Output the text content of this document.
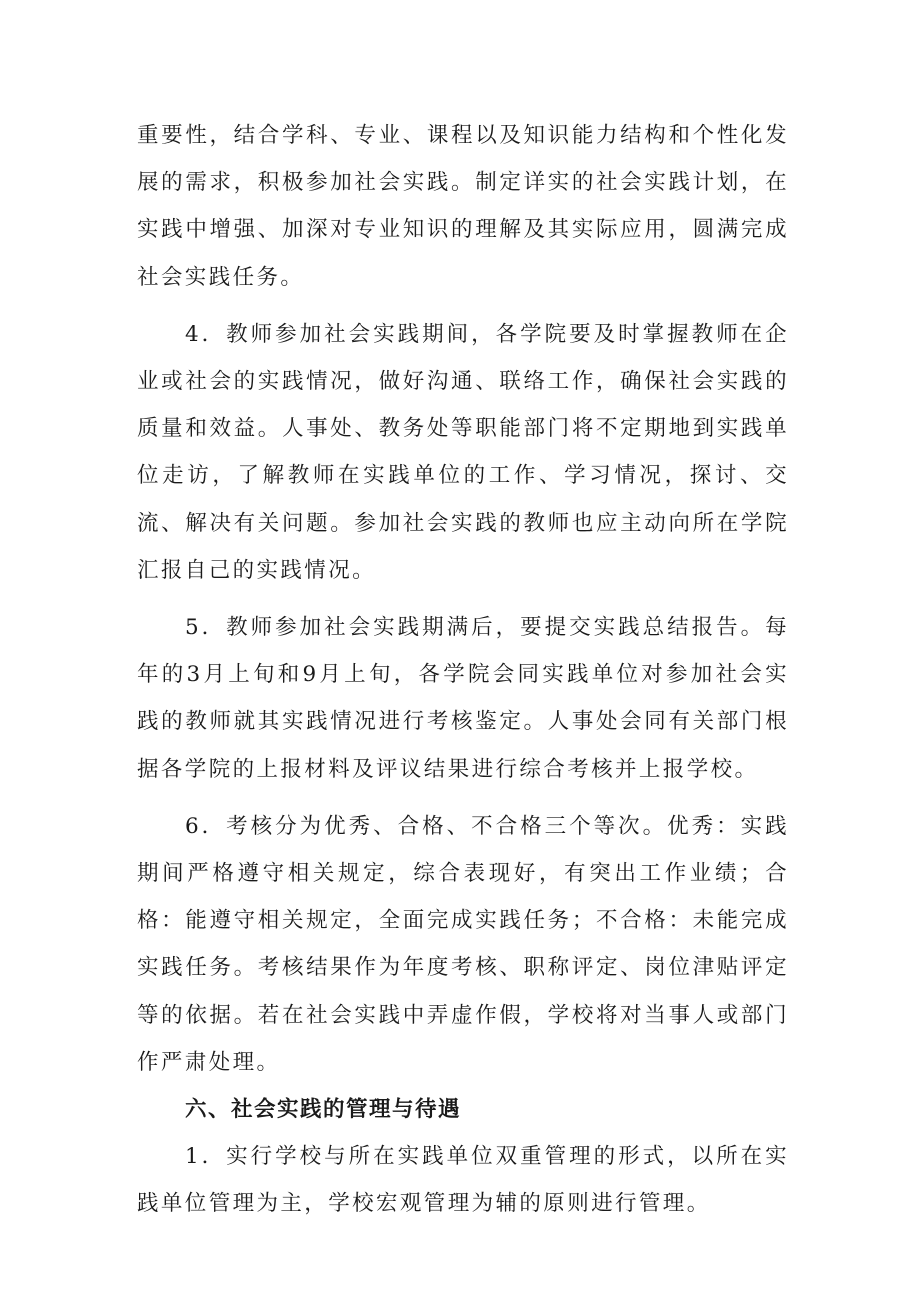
重要性，结合学科、专业、课程以及知识能力结构和个性化发展的需求，积极参加社会实践。制定详实的社会实践计划，在实践中增强、加深对专业知识的理解及其实际应用，圆满完成社会实践任务。

4．教师参加社会实践期间，各学院要及时掌握教师在企业或社会的实践情况，做好沟通、联络工作，确保社会实践的质量和效益。人事处、教务处等职能部门将不定期地到实践单位走访，了解教师在实践单位的工作、学习情况，探讨、交流、解决有关问题。参加社会实践的教师也应主动向所在学院汇报自己的实践情况。

5．教师参加社会实践期满后，要提交实践总结报告。每年的3月上旬和9月上旬，各学院会同实践单位对参加社会实践的教师就其实践情况进行考核鉴定。人事处会同有关部门根据各学院的上报材料及评议结果进行综合考核并上报学校。

6．考核分为优秀、合格、不合格三个等次。优秀：实践期间严格遵守相关规定，综合表现好，有突出工作业绩；合格：能遵守相关规定，全面完成实践任务；不合格：未能完成实践任务。考核结果作为年度考核、职称评定、岗位津贴评定等的依据。若在社会实践中弄虚作假，学校将对当事人或部门作严肃处理。

六、社会实践的管理与待遇

1．实行学校与所在实践单位双重管理的形式，以所在实践单位管理为主，学校宏观管理为辅的原则进行管理。
